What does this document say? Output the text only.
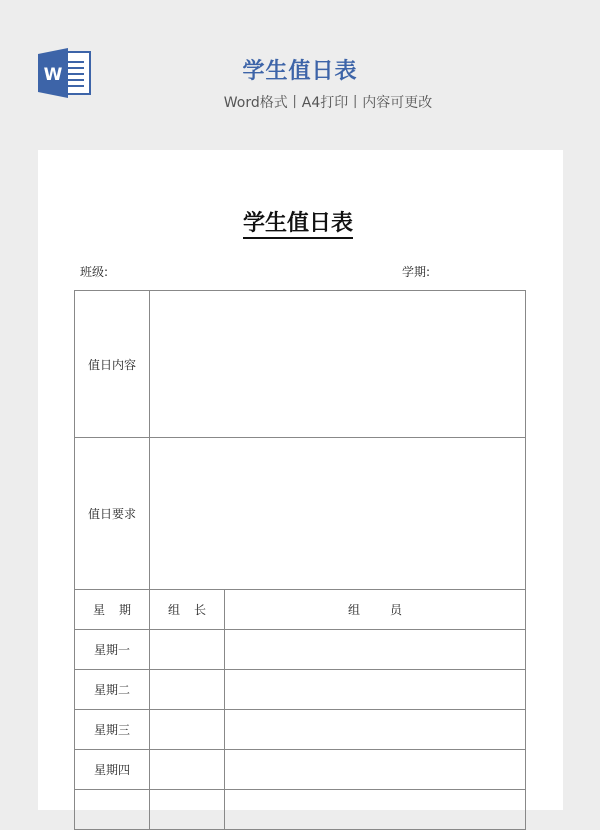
W	学生值日表
Word格式丨A4打印丨内容可更改
学生值日表
班级:	学期:
值日内容		
值日要求		
星期	组长	组员
星期一		
星期二		
星期三		
星期四		
